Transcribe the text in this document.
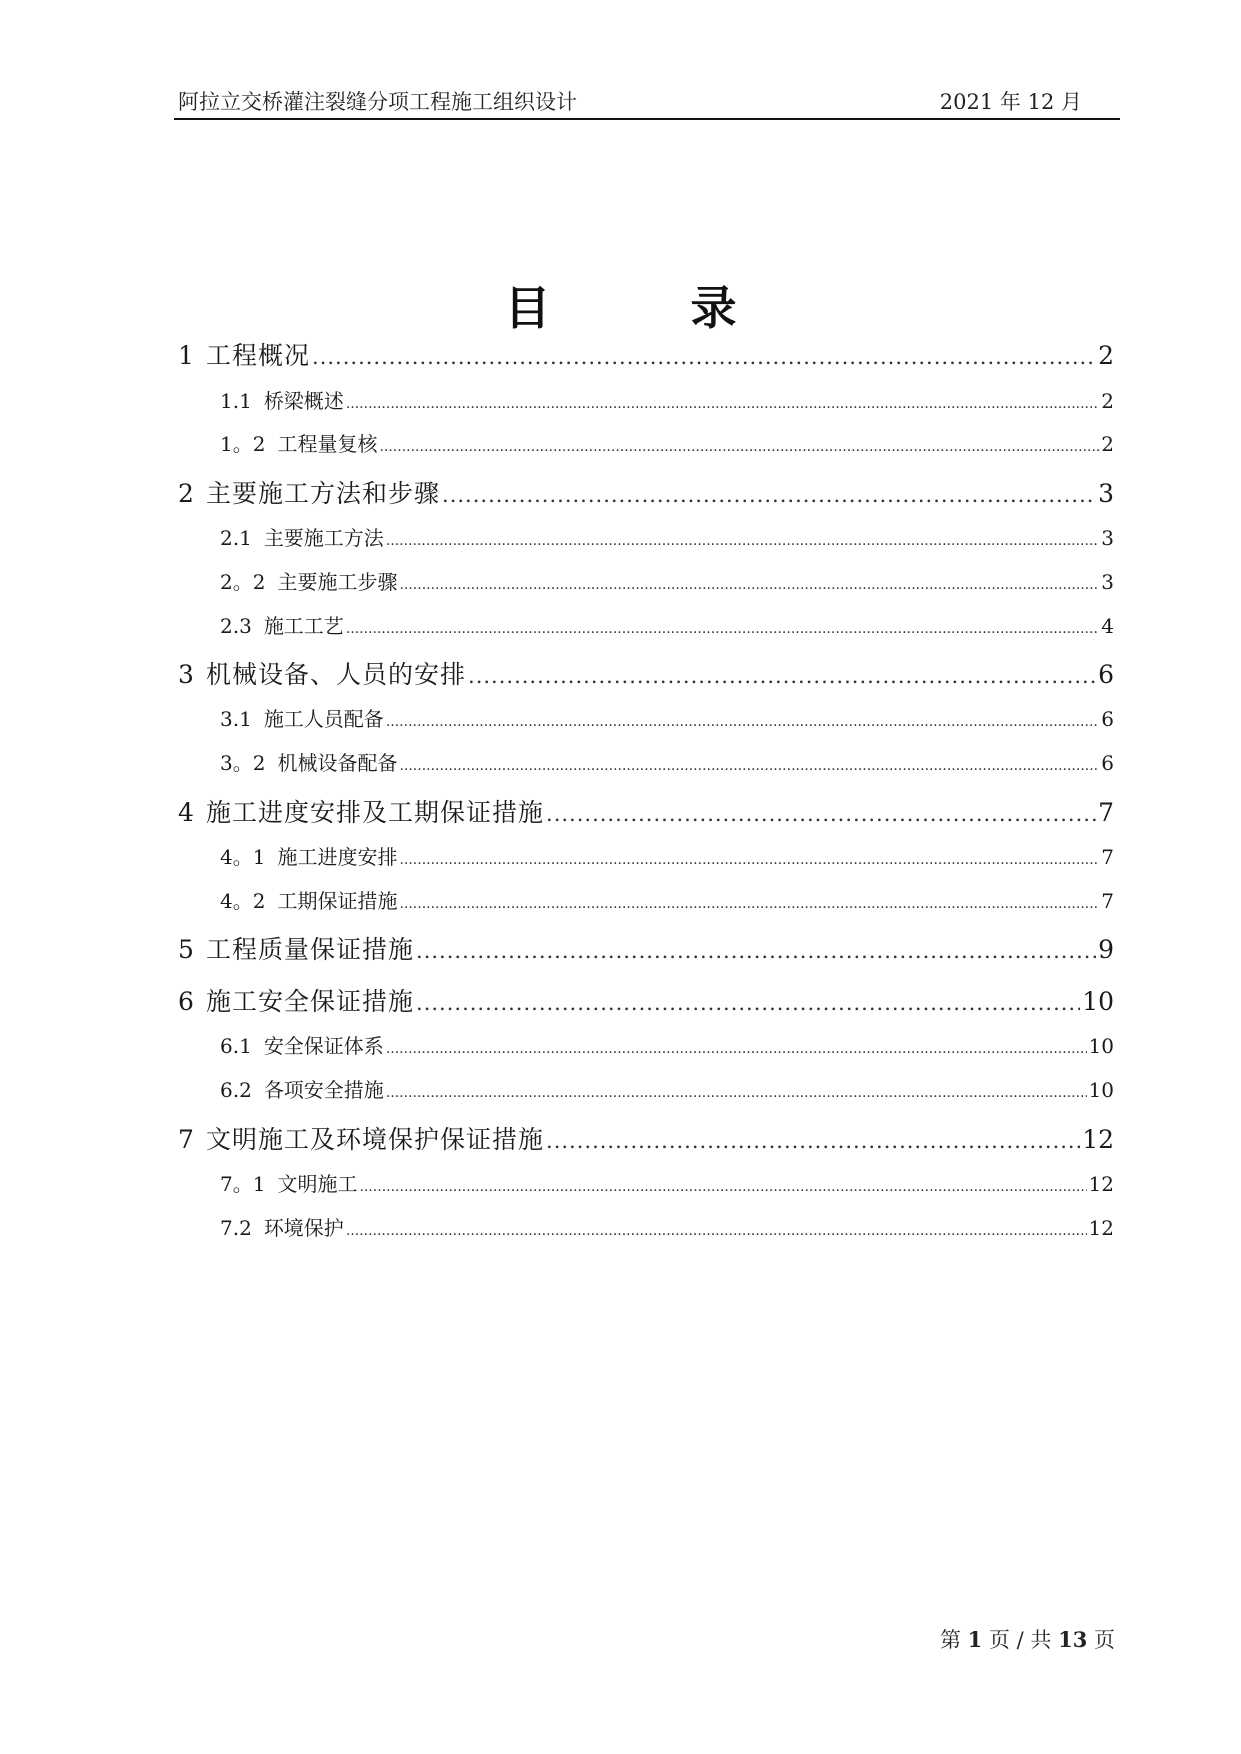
阿拉立交桥灌注裂缝分项工程施工组织设计	2021 年 12 月
目	录
1 工程概况 .....	2
1.1 桥梁概述 .....	2
1。2 工程量复核 .....	2
2 主要施工方法和步骤 .....	3
2.1 主要施工方法 .....	3
2。2 主要施工步骤 .....	3
2.3 施工工艺 .....	4
3 机械设备、人员的安排 .....	6
3.1 施工人员配备 .....	6
3。2 机械设备配备 .....	6
4 施工进度安排及工期保证措施 .....	7
4。1 施工进度安排 .....	7
4。2 工期保证措施 .....	7
5 工程质量保证措施 .....	9
6 施工安全保证措施 .....	10
6.1 安全保证体系 .....	10
6.2 各项安全措施 .....	10
7 文明施工及环境保护保证措施 .....	12
7。1 文明施工 .....	12
7.2 环境保护 .....	12
第 1 页 / 共 13 页
